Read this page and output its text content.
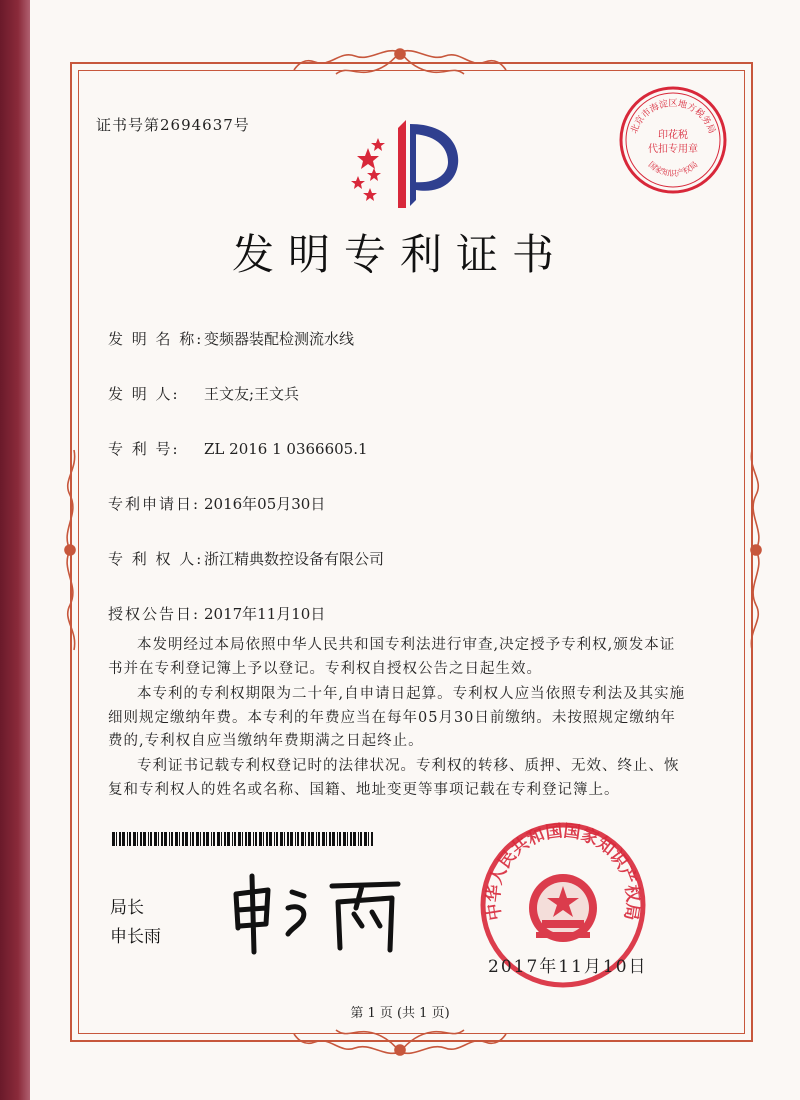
证书号第2694637号	北京市海淀区地方税务局
国家知识产权局
印花税
代扣专用章
发明专利证书
发 明 名 称:变频器装配检测流水线
发 明 人: 王文友;王文兵
专 利 号: ZL 2016 1 0366605.1
专利申请日: 2016年05月30日
专 利 权 人:浙江精典数控设备有限公司
授权公告日: 2017年11月10日
本发明经过本局依照中华人民共和国专利法进行审查,决定授予专利权,颁发本证书并在专利登记簿上予以登记。专利权自授权公告之日起生效。
本专利的专利权期限为二十年,自申请日起算。专利权人应当依照专利法及其实施细则规定缴纳年费。本专利的年费应当在每年05月30日前缴纳。未按照规定缴纳年费的,专利权自应当缴纳年费期满之日起终止。
专利证书记载专利权登记时的法律状况。专利权的转移、质押、无效、终止、恢复和专利权人的姓名或名称、国籍、地址变更等事项记载在专利登记簿上。
局长
申长雨
中华人民共和国国家知识产权局
2017年11月10日
第 1 页 (共 1 页)
